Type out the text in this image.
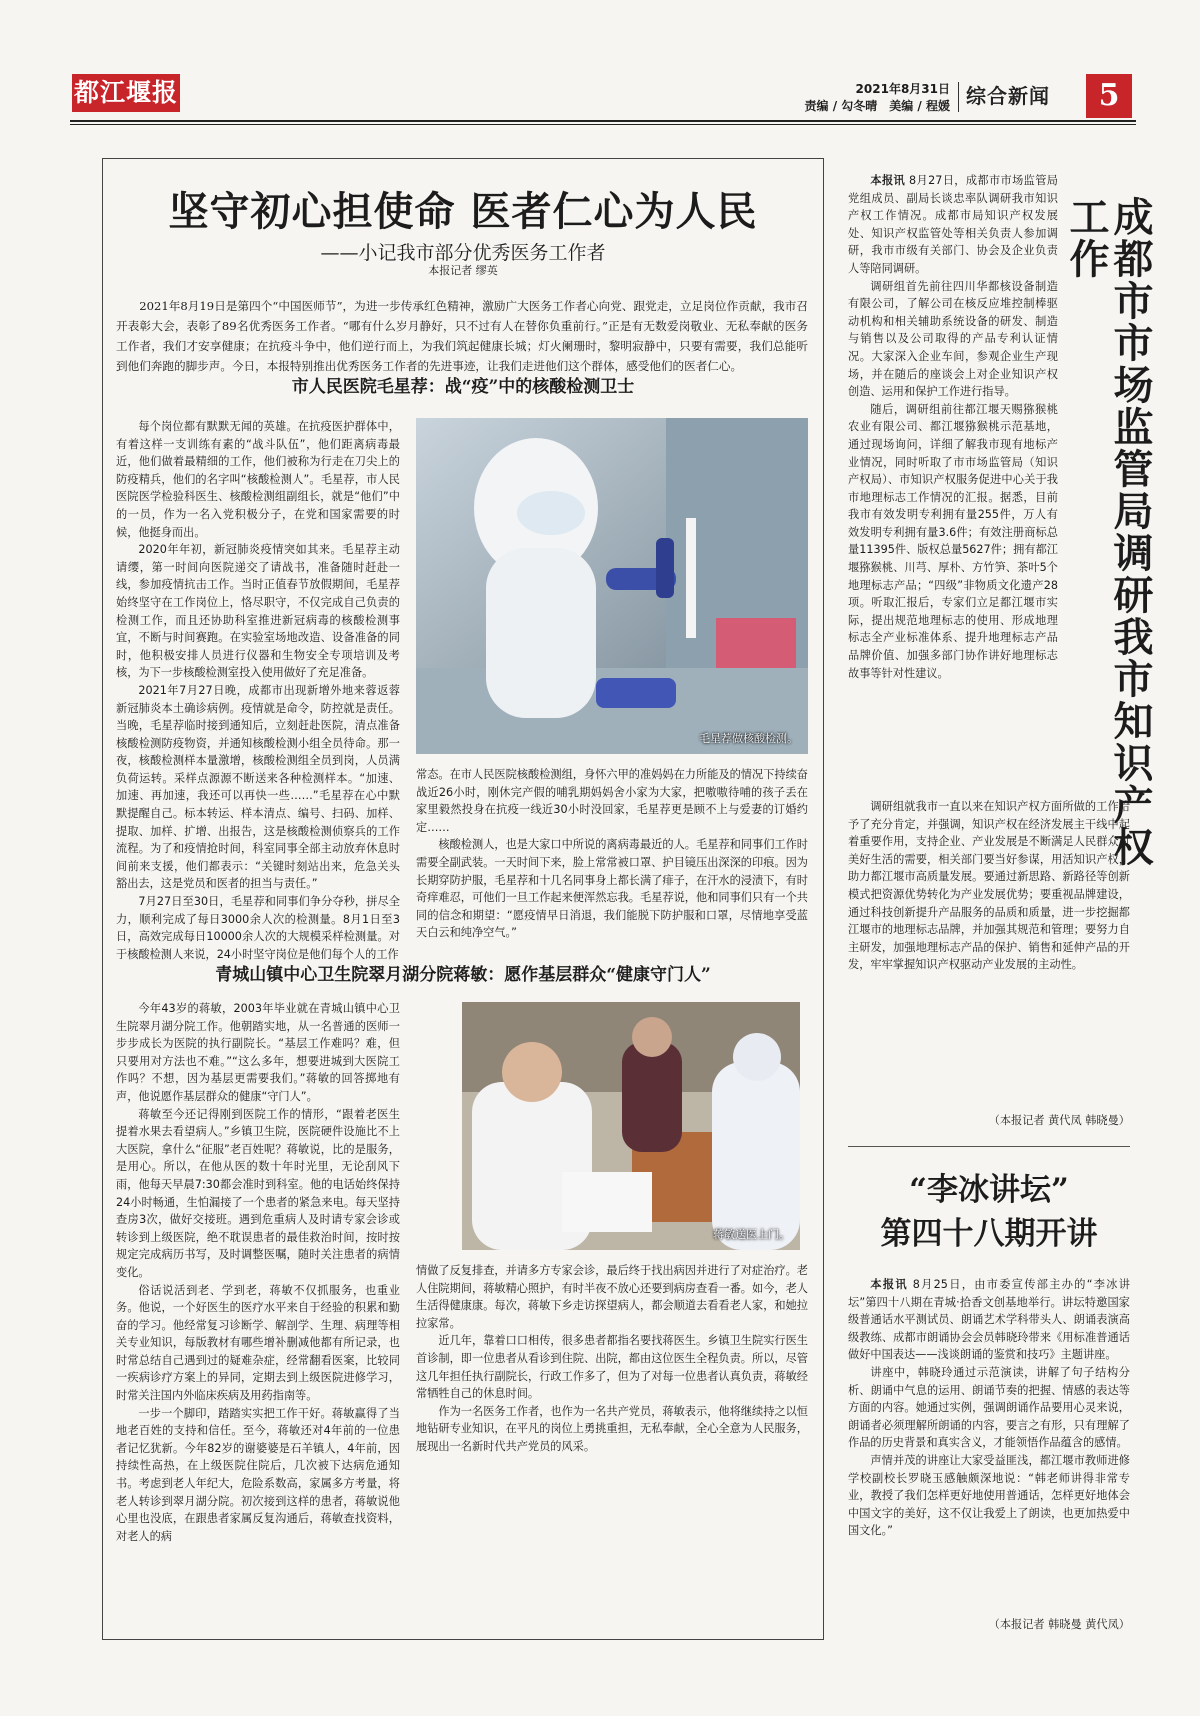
都江堰报	2021年8月31日
责编 / 勾冬晴　美编 / 程媛 综合新闻	5
坚守初心担使命 医者仁心为人民
——小记我市部分优秀医务工作者
本报记者 缪英

2021年8月19日是第四个“中国医师节”，为进一步传承红色精神，激励广大医务工作者心向党、跟党走，立足岗位作贡献，我市召开表彰大会，表彰了89名优秀医务工作者。“哪有什么岁月静好，只不过有人在替你负重前行。”正是有无数爱岗敬业、无私奉献的医务工作者，我们才安享健康；在抗疫斗争中，他们逆行而上，为我们筑起健康长城；灯火阑珊时，黎明寂静中，只要有需要，我们总能听到他们奔跑的脚步声。今日，本报特别推出优秀医务工作者的先进事迹，让我们走进他们这个群体，感受他们的医者仁心。

市人民医院毛星荐：战“疫”中的核酸检测卫士

每个岗位都有默默无闻的英雄。在抗疫医护群体中，有着这样一支训练有素的“战斗队伍”，他们距离病毒最近，他们做着最精细的工作，他们被称为行走在刀尖上的防疫精兵，他们的名字叫“核酸检测人”。毛星荐，市人民医院医学检验科医生、核酸检测组副组长，就是“他们”中的一员，作为一名入党积极分子，在党和国家需要的时候，他挺身而出。

2020年年初，新冠肺炎疫情突如其来。毛星荐主动请缨，第一时间向医院递交了请战书，准备随时赶赴一线，参加疫情抗击工作。当时正值春节放假期间，毛星荐始终坚守在工作岗位上，恪尽职守，不仅完成自己负责的检测工作，而且还协助科室推进新冠病毒的核酸检测事宜，不断与时间赛跑。在实验室场地改造、设备准备的同时，他积极安排人员进行仪器和生物安全专项培训及考核，为下一步核酸检测室投入使用做好了充足准备。

2021年7月27日晚，成都市出现新增外地来蓉返蓉新冠肺炎本土确诊病例。疫情就是命令，防控就是责任。当晚，毛星荐临时接到通知后，立刻赶赴医院，清点准备核酸检测防疫物资，并通知核酸检测小组全员待命。那一夜，核酸检测样本量激增，核酸检测组全员到岗，人员满负荷运转。采样点源源不断送来各种检测样本。“加速、加速、再加速，我还可以再快一些……”毛星荐在心中默默提醒自己。标本转运、样本清点、编号、扫码、加样、提取、加样、扩增、出报告，这是核酸检测侦察兵的工作流程。为了和疫情抢时间，科室同事全部主动放弃休息时间前来支援，他们都表示：“关键时刻站出来，危急关头豁出去，这是党员和医者的担当与责任。”

7月27日至30日，毛星荐和同事们争分夺秒，拼尽全力，顺利完成了每日3000余人次的检测量。8月1日至3日，高效完成每日10000余人次的大规模采样检测量。对于核酸检测人来说，24小时坚守岗位是他们每个人的工作

毛星荐做核酸检测。

常态。在市人民医院核酸检测组，身怀六甲的准妈妈在力所能及的情况下持续奋战近26小时，刚休完产假的哺乳期妈妈舍小家为大家，把嗷嗷待哺的孩子丢在家里毅然投身在抗疫一线近30小时没回家，毛星荐更是顾不上与爱妻的订婚约定……

核酸检测人，也是大家口中所说的离病毒最近的人。毛星荐和同事们工作时需要全副武装。一天时间下来，脸上常常被口罩、护目镜压出深深的印痕。因为长期穿防护服，毛星荐和十几名同事身上都长满了痱子，在汗水的浸渍下，有时奇痒难忍，可他们一旦工作起来便浑然忘我。毛星荐说，他和同事们只有一个共同的信念和期望：“愿疫情早日消退，我们能脱下防护服和口罩，尽情地享受蓝天白云和纯净空气。”

青城山镇中心卫生院翠月湖分院蒋敏：愿作基层群众“健康守门人”

今年43岁的蒋敏，2003年毕业就在青城山镇中心卫生院翠月湖分院工作。他朝踏实地，从一名普通的医师一步步成长为医院的执行副院长。“基层工作难吗？难，但只要用对方法也不难。”“这么多年，想要进城到大医院工作吗？不想，因为基层更需要我们。”蒋敏的回答掷地有声，他说愿作基层群众的健康“守门人”。

蒋敏至今还记得刚到医院工作的情形，“跟着老医生提着水果去看望病人。”乡镇卫生院，医院硬件设施比不上大医院，拿什么“征服”老百姓呢？蒋敏说，比的是服务，是用心。所以，在他从医的数十年时光里，无论刮风下雨，他每天早晨7:30都会准时到科室。他的电话始终保持24小时畅通，生怕漏接了一个患者的紧急来电。每天坚持查房3次，做好交接班。遇到危重病人及时请专家会诊或转诊到上级医院，绝不耽误患者的最佳救治时间，按时按规定完成病历书写，及时调整医嘱，随时关注患者的病情变化。

俗话说活到老、学到老，蒋敏不仅抓服务，也重业务。他说，一个好医生的医疗水平来自于经验的积累和勤奋的学习。他经常复习诊断学、解剖学、生理、病理等相关专业知识，每版教材有哪些增补删减他都有所记录，也时常总结自己遇到过的疑难杂症，经常翻看医案，比较同一疾病诊疗方案上的异同，定期去到上级医院进修学习，时常关注国内外临床疾病及用药指南等。

一步一个脚印，踏踏实实把工作干好。蒋敏赢得了当地老百姓的支持和信任。至今，蒋敏还对4年前的一位患者记忆犹新。今年82岁的谢婆婆是石羊镇人，4年前，因持续性高热，在上级医院住院后，几次被下达病危通知书。考虑到老人年纪大，危险系数高，家属多方考量，将老人转诊到翠月湖分院。初次接到这样的患者，蒋敏说他心里也没底，在跟患者家属反复沟通后，蒋敏查找资料，对老人的病

蒋敏送医上门。

情做了反复排查，并请多方专家会诊，最后终于找出病因并进行了对症治疗。老人住院期间，蒋敏精心照护，有时半夜不放心还要到病房查看一番。如今，老人生活得健康康。每次，蒋敏下乡走访探望病人，都会顺道去看看老人家，和她拉拉家常。

近几年，靠着口口相传，很多患者都指名要找蒋医生。乡镇卫生院实行医生首诊制，即一位患者从看诊到住院、出院，都由这位医生全程负责。所以，尽管这几年担任执行副院长，行政工作多了，但为了对每一位患者认真负责，蒋敏经常牺牲自己的休息时间。

作为一名医务工作者，也作为一名共产党员，蒋敏表示，他将继续持之以恒地钻研专业知识，在平凡的岗位上勇挑重担，无私奉献，全心全意为人民服务，展现出一名新时代共产党员的风采。

本报讯 8月27日，成都市市场监管局党组成员、副局长谈忠率队调研我市知识产权工作情况。成都市局知识产权发展处、知识产权监管处等相关负责人参加调研，我市市级有关部门、协会及企业负责人等陪同调研。

调研组首先前往四川华都核设备制造有限公司，了解公司在核反应堆控制棒驱动机构和相关辅助系统设备的研发、制造与销售以及公司取得的产品专利认证情况。大家深入企业车间，参观企业生产现场，并在随后的座谈会上对企业知识产权创造、运用和保护工作进行指导。

随后，调研组前往都江堰天赐猕猴桃农业有限公司、都江堰猕猴桃示范基地，通过现场询问，详细了解我市现有地标产业情况，同时听取了市市场监管局（知识产权局）、市知识产权服务促进中心关于我市地理标志工作情况的汇报。据悉，目前我市有效发明专利拥有量255件，万人有效发明专利拥有量3.6件；有效注册商标总量11395件、版权总量5627件；拥有都江堰猕猴桃、川芎、厚朴、方竹笋、茶叶5个地理标志产品；“四级”非物质文化遗产28项。听取汇报后，专家们立足都江堰市实际，提出规范地理标志的使用、形成地理标志全产业标准体系、提升地理标志产品品牌价值、加强多部门协作讲好地理标志故事等针对性建议。	成都市市场监管局调研我市知识产权工作

调研组就我市一直以来在知识产权方面所做的工作给予了充分肯定，并强调，知识产权在经济发展主干线中起着重要作用，支持企业、产业发展是不断满足人民群众对美好生活的需要，相关部门要当好参谋，用活知识产权，助力都江堰市高质量发展。要通过新思路、新路径等创新模式把资源优势转化为产业发展优势；要重视品牌建设，通过科技创新提升产品服务的品质和质量，进一步挖掘都江堰市的地理标志品牌，并加强其规范和管理；要努力自主研发，加强地理标志产品的保护、销售和延伸产品的开发，牢牢掌握知识产权驱动产业发展的主动性。

（本报记者 黄代凤 韩晓曼）
“李冰讲坛”
第四十八期开讲

本报讯 8月25日，由市委宣传部主办的“李冰讲坛”第四十八期在青城·拾香文创基地举行。讲坛特邀国家级普通话水平测试员、朗诵艺术学科带头人、朗诵表演高级教练、成都市朗诵协会会员韩晓玲带来《用标准普通话做好中国表达——浅谈朗诵的鉴赏和技巧》主题讲座。

讲座中，韩晓玲通过示范演读，讲解了句子结构分析、朗诵中气息的运用、朗诵节奏的把握、情感的表达等方面的内容。她通过实例，强调朗诵作品要用心灵来说，朗诵者必须理解所朗诵的内容，要言之有形，只有理解了作品的历史背景和真实含义，才能领悟作品蕴含的感情。

声情并茂的讲座让大家受益匪浅，都江堰市教师进修学校副校长罗晓玉感触颇深地说：“韩老师讲得非常专业，教授了我们怎样更好地使用普通话，怎样更好地体会中国文字的美好，这不仅让我爱上了朗读，也更加热爱中国文化。”

（本报记者 韩晓曼 黄代凤）
